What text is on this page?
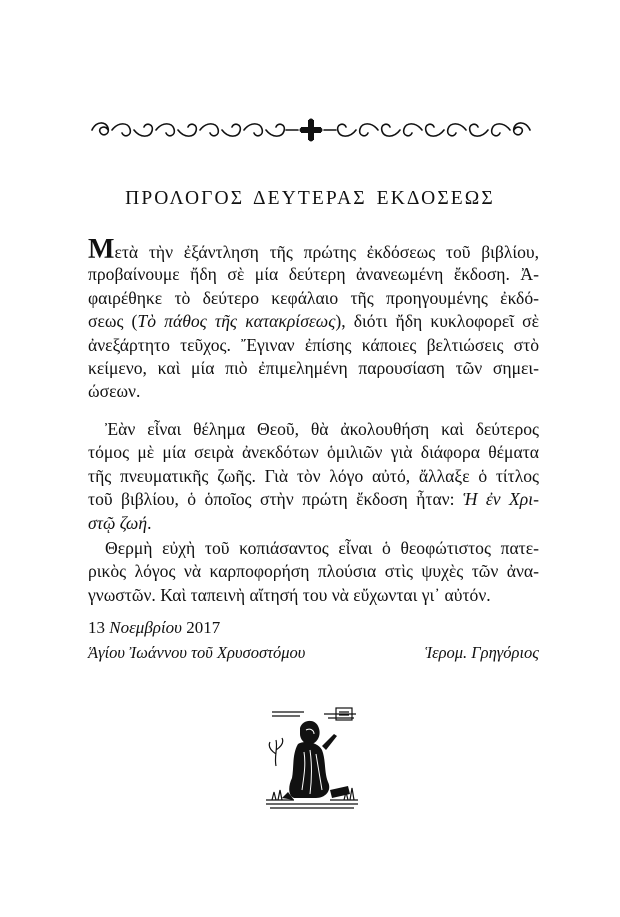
ΠΡΟΛΟΓΟΣ ΔΕΥΤΕΡΑΣ ΕΚΔΟΣΕΩΣ
Μετὰ τὴν ἐξάντληση τῆς πρώτης ἐκδόσεως τοῦ βιβλίου,
προβαίνουμε ἤδη σὲ μία δεύτερη ἀνανεωμένη ἔκδοση. Ἀ-
φαιρέθηκε τὸ δεύτερο κεφάλαιο τῆς προηγουμένης ἐκδό-
σεως (Τὸ πάθος τῆς κατακρίσεως), διότι ἤδη κυκλοφορεῖ σὲ
ἀνεξάρτητο τεῦχος. Ἔγιναν ἐπίσης κάποιες βελτιώσεις στὸ
κείμενο, καὶ μία πιὸ ἐπιμελημένη παρουσίαση τῶν σημει-
ώσεων.
Ἐὰν εἶναι θέλημα Θεοῦ, θὰ ἀκολουθήση καὶ δεύτερος
τόμος μὲ μία σειρὰ ἀνεκδότων ὁμιλιῶν γιὰ διάφορα θέματα
τῆς πνευματικῆς ζωῆς. Γιὰ τὸν λόγο αὐτό, ἄλλαξε ὁ τίτλος
τοῦ βιβλίου, ὁ ὁποῖος στὴν πρώτη ἔκδοση ἦταν: Ἡ ἐν Χρι-
στῷ ζωή.
Θερμὴ εὐχὴ τοῦ κοπιάσαντος εἶναι ὁ θεοφώτιστος πατε-
ρικὸς λόγος νὰ καρποφορήση πλούσια στὶς ψυχὲς τῶν ἀνα-
γνωστῶν. Καὶ ταπεινὴ αἴτησή του νὰ εὔχωνται γι᾽ αὐτόν.
13 Νοεμβρίου 2017
Ἁγίου Ἰωάννου τοῦ Χρυσοστόμου	Ἱερομ. Γρηγόριος
